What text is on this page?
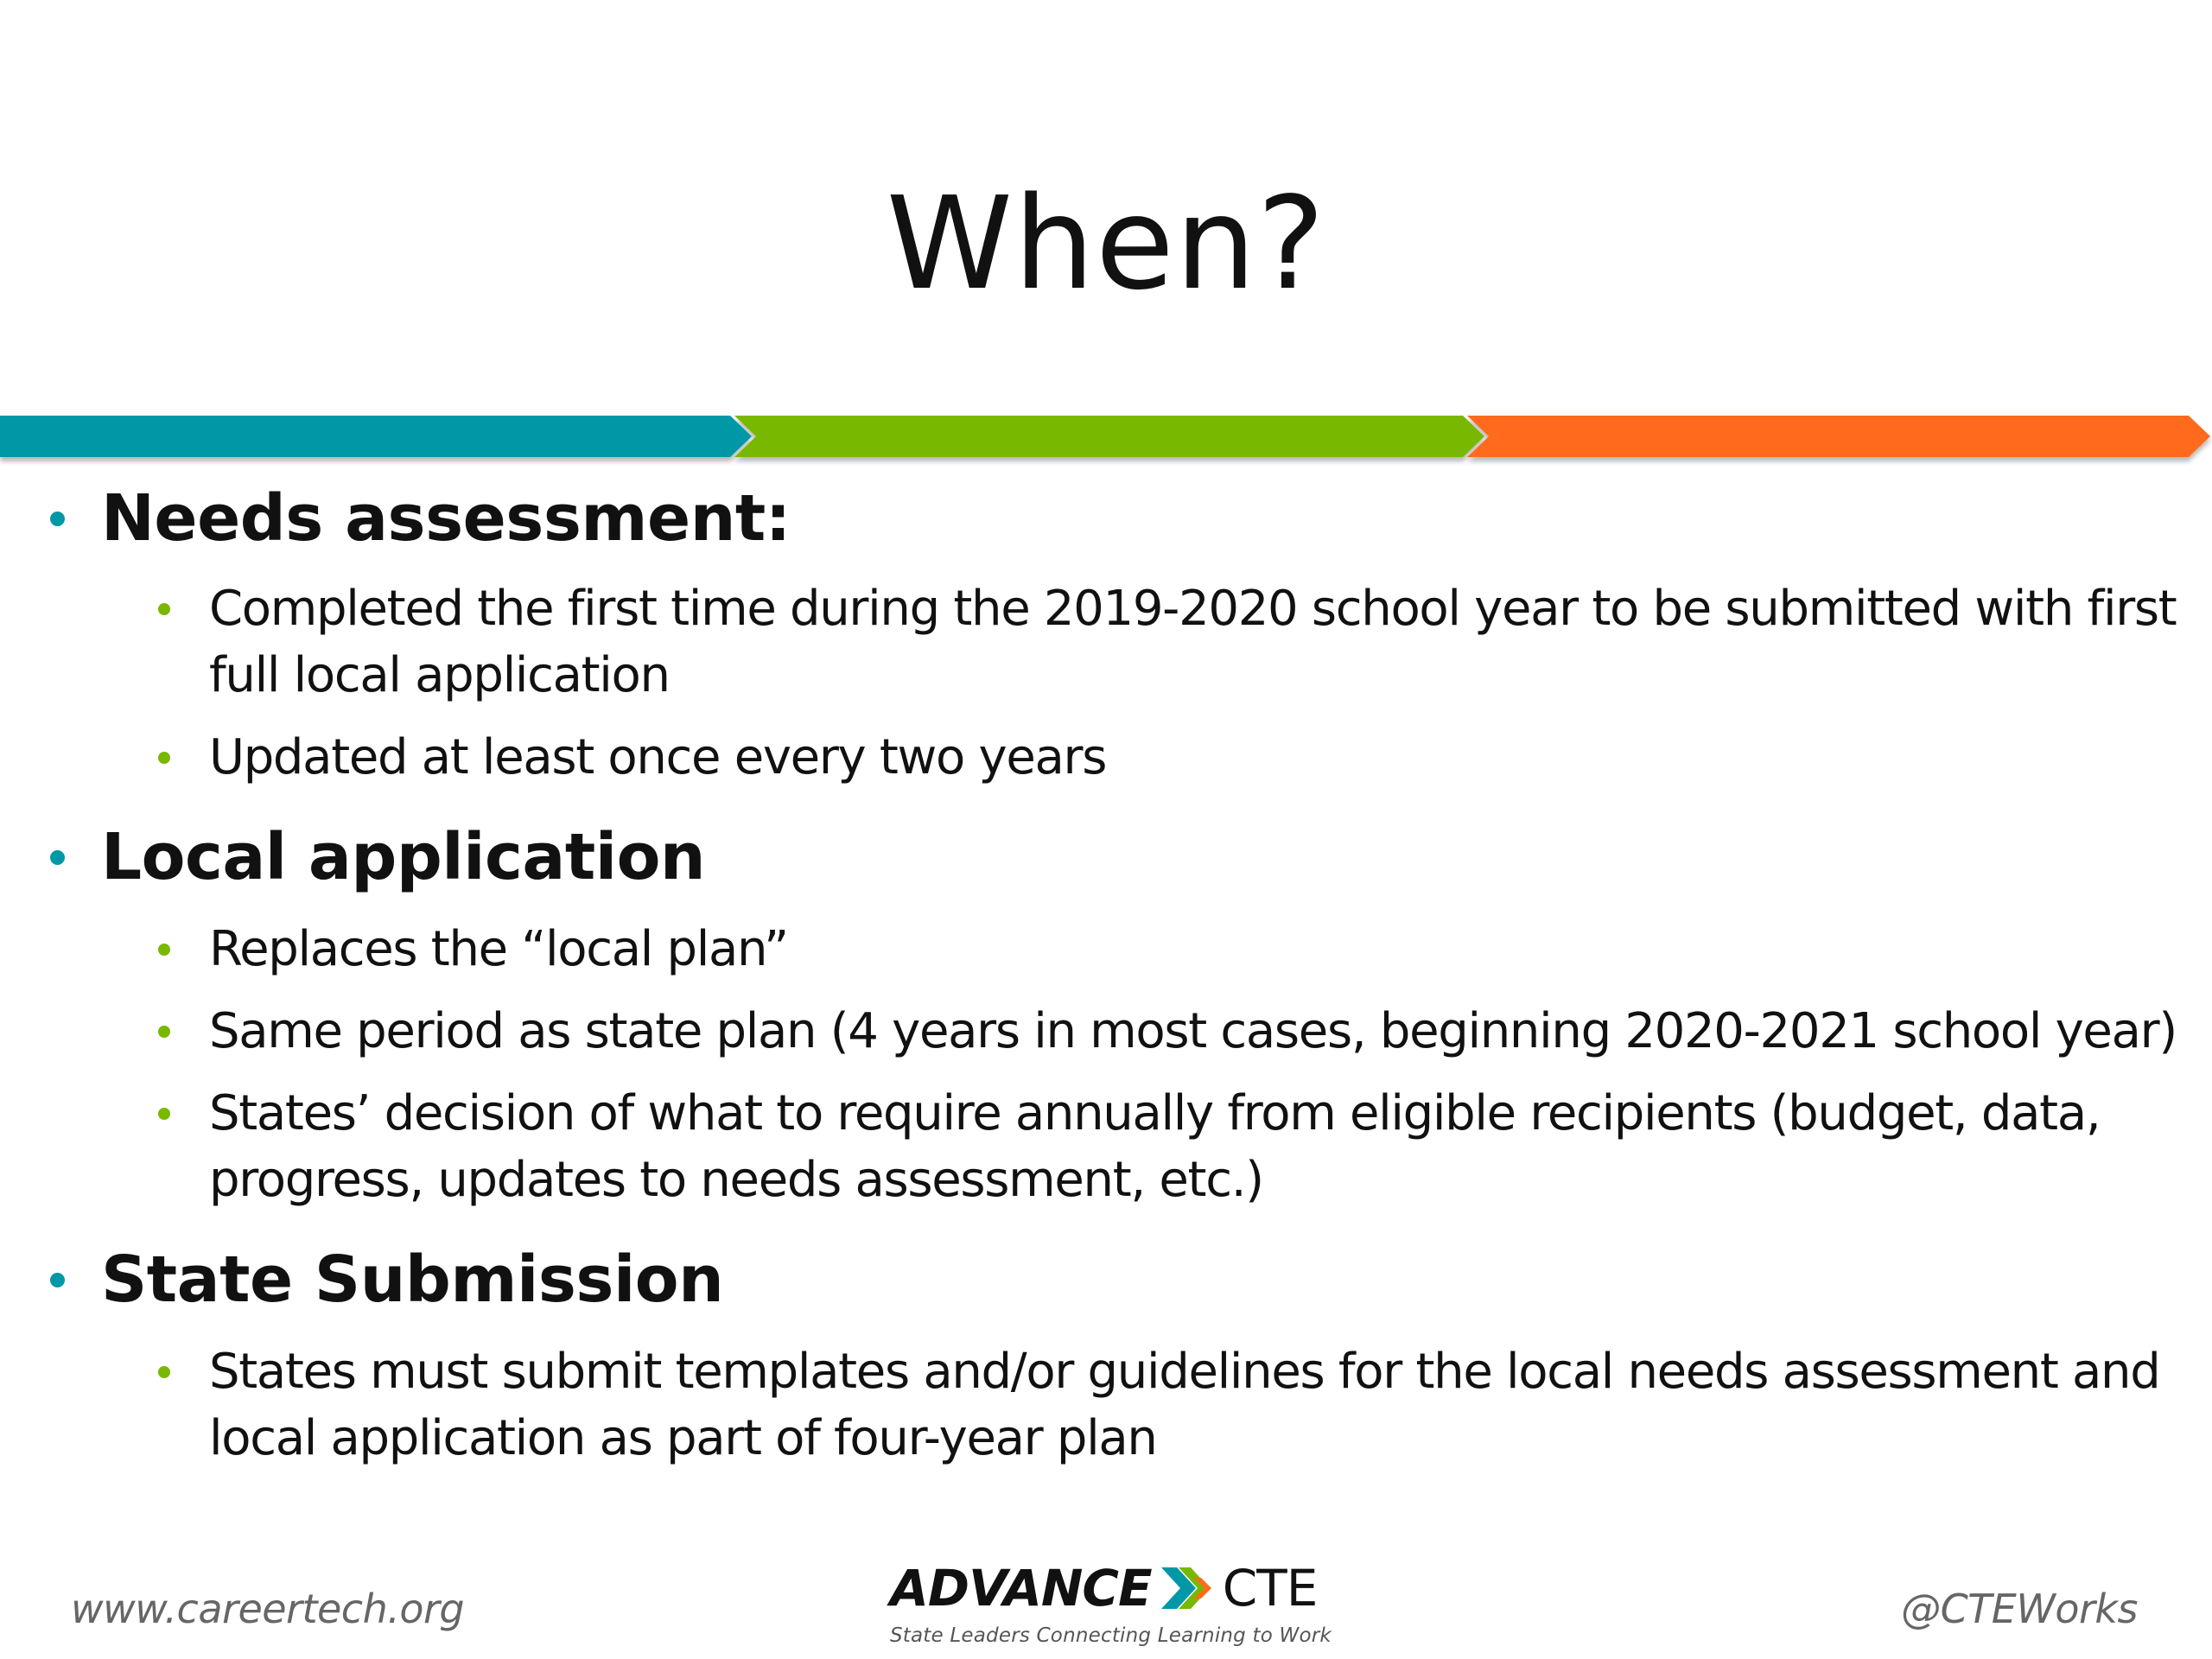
When?
Needs assessment:
Completed the first time during the 2019-2020 school year to be submitted with first full local application
Updated at least once every two years
Local application
Replaces the “local plan”
Same period as state plan (4 years in most cases, beginning 2020-2021 school year)
States’ decision of what to require annually from eligible recipients (budget, data, progress, updates to needs assessment, etc.)
State Submission
States must submit templates and/or guidelines for the local needs assessment and local application as part of four-year plan
www.careertech.org	ADVANCE CTE
State Leaders Connecting Learning to Work
@CTEWorks
